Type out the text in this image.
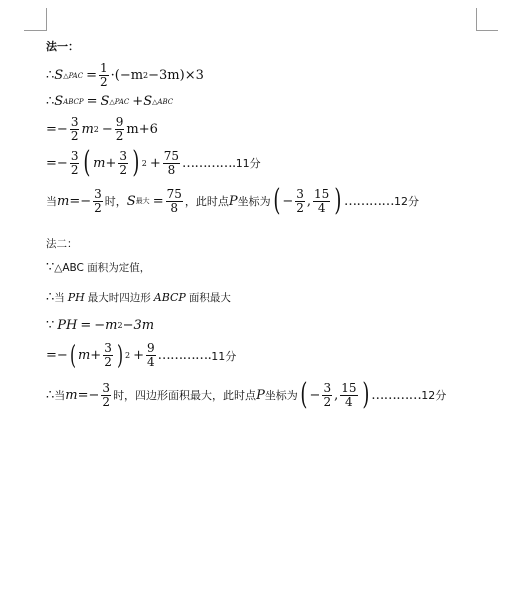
法一：
∴ S △PAC = $\frac{1}{2} \cdot(-m$ 2 −3m)×3
∴ S ABCP = S △PAC + S △ABC
= − $\frac{3}{2}$ m $2 - \frac{9}{2} m+6$
= − $\frac{3}{2}$ ( $m + \frac{3}{2}$ ) $2 + \frac{75}{8}$ …………. 11分
当 m = − $\frac{3}{2}$ 时， S 最大 = $\frac{75}{8}$ ，此时点 P 坐标为 ( − $\frac{3}{2}$ , $\frac{15}{4}$ ) ………… 12分
法二：
∵ △ABC 面积为定值，
∴ 当 PH 最大时四边形 ABCP 面积最大
∵ PH = −m 2 −3m
= − ( $m + \frac{3}{2}$ ) $2 + \frac{9}{4}$ …………. 11分
∴ 当 m = − $\frac{3}{2}$ 时，四边形面积最大，此时点 P 坐标为 ( − $\frac{3}{2}$ , $\frac{15}{4}$ ) ………… 12分
